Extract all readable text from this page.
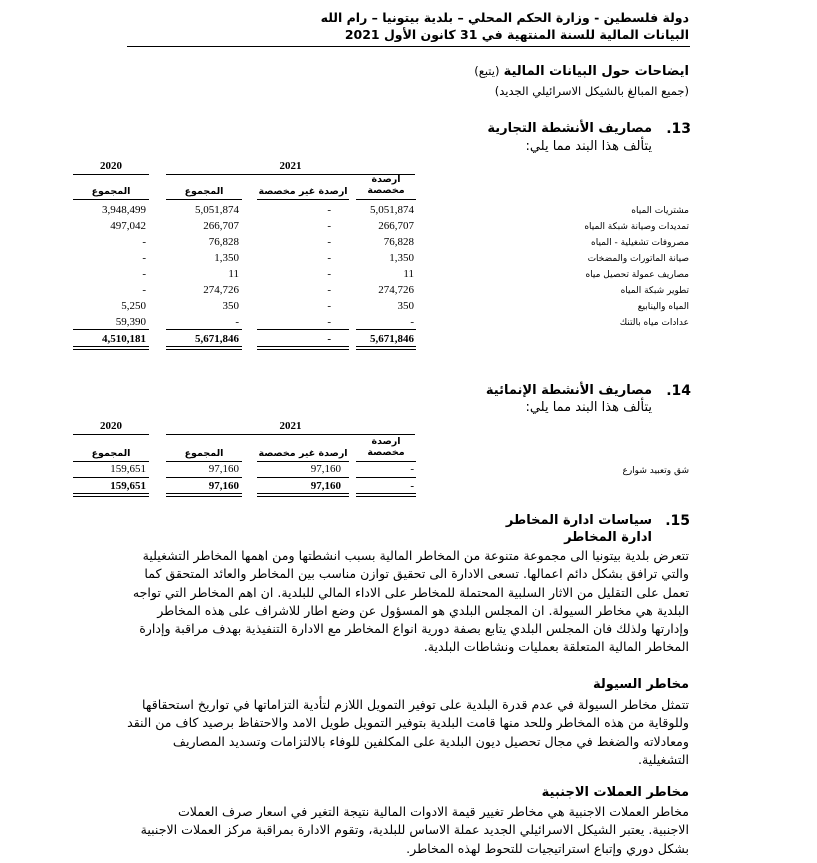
دولة فلسطين - وزارة الحكم المحلي – بلدية بيتونيا – رام الله
البيانات المالية للسنة المنتهية في 31 كانون الأول 2021
ايضاحات حول البيانات المالية (يتبع)
(جميع المبالغ بالشيكل الاسرائيلي الجديد)
13.
مصاريف الأنشطة التجارية
يتألف هذا البند مما يلي:
2020	2021
ارصدة مخصصة
ارصدة غير مخصصة
المجموع
المجموع
مشتريات المياه
5,051,874
-
5,051,874
3,948,499
تمديدات وصيانة شبكة المياه
266,707
-
266,707
497,042
مصروفات تشغيلية - المياه
76,828
-
76,828
-
صيانة الماتورات والمضخات
1,350
-
1,350
-
مصاريف عمولة تحصيل مياه
11
-
11
-
تطوير شبكة المياه
274,726
-
274,726
-
المياه والينابيع
350
-
350
5,250
عدادات مياه بالتنك
-
-
-
59,390
5,671,846
-
5,671,846
4,510,181
14.
مصاريف الأنشطة الإنمائية
يتألف هذا البند مما يلي:
2020	2021
ارصدة مخصصة
ارصدة غير مخصصة
المجموع
المجموع
شق وتعبيد شوارع
-
97,160
97,160
159,651
-
97,160
97,160
159,651
.15
سياسات ادارة المخاطر
ادارة المخاطر
تتعرض بلدية بيتونيا الى مجموعة متنوعة من المخاطر المالية بسبب انشطتها ومن اهمها المخاطر التشغيلية
والتي ترافق بشكل دائم اعمالها. تسعى الادارة الى تحقيق توازن مناسب بين المخاطر والعائد المتحقق كما
تعمل على التقليل من الاثار السلبية المحتملة للمخاطر على الاداء المالي للبلدية. ان اهم المخاطر التي تواجه
البلدية هي مخاطر السيولة. ان المجلس البلدي هو المسؤول عن وضع اطار للاشراف على هذه المخاطر
وإدارتها ولذلك فان المجلس البلدي يتابع بصفة دورية انواع المخاطر مع الادارة التنفيذية بهدف مراقبة وإدارة
المخاطر المالية المتعلقة بعمليات ونشاطات البلدية.
مخاطر السيولة
تتمثل مخاطر السيولة في عدم قدرة البلدية على توفير التمويل اللازم لتأدية التزاماتها في تواريخ استحقاقها
وللوقاية من هذه المخاطر وللحد منها قامت البلدية بتوفير التمويل طويل الامد والاحتفاظ برصيد كاف من النقد
ومعادلاته والضغط في مجال تحصيل ديون البلدية على المكلفين للوفاء بالالتزامات وتسديد المصاريف
التشغيلية.
مخاطر العملات الاجنبية
مخاطر العملات الاجنبية هي مخاطر تغيير قيمة الادوات المالية نتيجة التغير في اسعار صرف العملات
الاجنبية. يعتبر الشيكل الاسرائيلي الجديد عملة الاساس للبلدية، وتقوم الادارة بمراقبة مركز العملات الاجنبية
بشكل دوري وإتباع استراتيجيات للتحوط لهذه المخاطر.
